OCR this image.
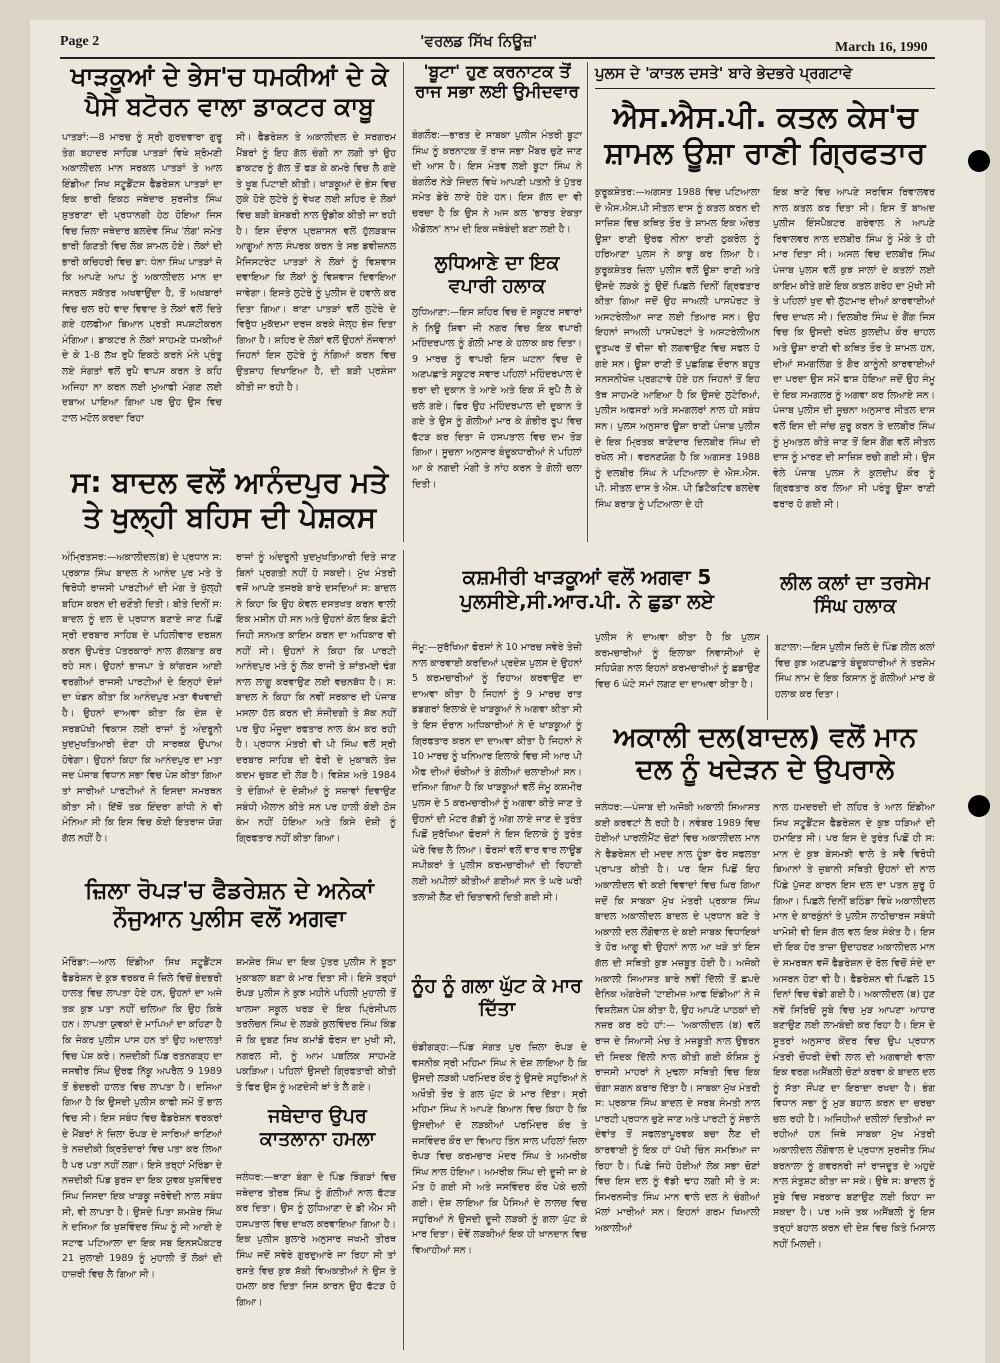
Page 2	'ਵਰਲਡ ਸਿੱਖ ਨਿਊਜ਼'	March 16, 1990
ਖਾੜਕੂਆਂ ਦੇ ਭੇਸ'ਚ ਧਮਕੀਆਂ ਦੇ ਕੇ ਪੈਸੇ ਬਟੋਰਨ ਵਾਲਾ ਡਾਕਟਰ ਕਾਬੂ
ਪਾਤੜਾਂ:—8 ਮਾਰਚ ਨੂੰ ਸ੍ਰੀ ਗੁਰਦਵਾਰਾ ਗੁਰੂ ਤੇਗ ਬਹਾਦਰ ਸਾਹਿਬ ਪਾਤੜਾਂ ਵਿਖੇ ਸ਼੍ਰੋਮਣੀ ਅਕਾਲੀਦਲ ਮਾਨ ਸਰਕਲ ਪਾਤੜਾਂ ਤੇ ਆਲ ਇੰਡੀਆ ਸਿਖ ਸਟੂਡੈਂਟਸ ਫੈਡਰੇਸ਼ਨ ਪਾਤੜਾਂ ਦਾ ਇਕ ਭਾਰੀ ਇਕਠ ਜਥੇਦਾਰ ਸੁਰਜੀਤ ਸਿੰਘ ਸ਼ੁਤਰਾਣਾ ਦੀ ਪ੍ਰਧਾਨਗੀ ਹੇਠ ਹੋਇਆ ਜਿਸ ਵਿਚ ਜ਼ਿਲਾ ਜਥੇਦਾਰ ਬਲਦੇਵ ਸਿੰਘ 'ਲੰਗ' ਸਮੇਤ ਭਾਰੀ ਗਿਣਤੀ ਵਿਚ ਲੋਕ ਸ਼ਾਮਲ ਹੋਏ। ਲੋਕਾਂ ਦੀ ਭਾਰੀ ਕਚਿਹਰੀ ਵਿਚ ਡਾ: ਧੰਨਾ ਸਿੰਘ ਪਾਤੜਾਂ ਜੋ ਕਿ ਆਪਣੇ ਆਪ ਨੂੰ ਅਕਾਲੀਦਲ ਮਾਨ ਦਾ ਜਨਰਲ ਸਕੱਤਰ ਅਖਵਾਉਂਦਾ ਹੈ, ਤੋਂ ਅਖਬਾਰਾਂ ਵਿਚ ਚਲ ਰਹੇ ਵਾਦ ਵਿਵਾਦ ਤੇ ਲੋਕਾਂ ਵਲੋਂ ਦਿਤੇ ਗਏ ਹਲਫੀਆ ਬਿਆਨ ਪ੍ਰਤੀ ਸਪਸ਼ਟੀਕਰਨ ਮੰਗਿਆ। ਡਾਕਟਰ ਨੇ ਲੋਕਾਂ ਸਾਹਮਣੇ ਧਮਕੀਆਂ ਦੇ ਕੇ 1-8 ਲੱਖ ਰੁਪੈ ਇਕਠੇ ਕਰਨੇ ਮੰਨੇ ਪ੍ਰੰਤੂ ਲਏ ਸੰਗਤਾਂ ਵਲੋਂ ਰੁਪੈ ਵਾਪਸ ਕਰਨ ਤੇ ਕਹਿ ਅਜਿਹਾ ਨਾ ਕਰਨ ਲਈ ਮੁਆਫੀ ਮੰਗਣ ਲਈ ਦਬਾਅ ਪਾਇਆ ਗਿਆ ਪਰ ਉਹ ਉਸ ਵਿਚ ਟਾਲ ਮਟੋਲ ਕਰਦਾ ਰਿਹਾ
ਸੀ। ਫੈਡਰੇਸ਼ਨ ਤੇ ਅਕਾਲੀਦਲ ਦੇ ਸਰਗਰਮ ਮੈਂਬਰਾਂ ਨੂੰ ਇਹ ਗੱਲ ਚੰਗੀ ਨਾ ਲਗੀ ਤਾਂ ਉਹ ਡਾਕਟਰ ਨੂੰ ਗੱਲ ਤੋਂ ਫੜ ਕੇ ਕਮਰੇ ਵਿਚ ਲੈ ਗਏ ਤੇ ਖੂਬ ਪਿਟਾਈ ਕੀਤੀ। ਖਾੜਕੂਆਂ ਦੇ ਭੇਸ ਵਿਚ ਲੁਕੇ ਹੋਏ ਲੁਟੇਰੇ ਨੂੰ ਵੇਖਣ ਲਈ ਸ਼ਹਿਰ ਦੇ ਲੋਕਾਂ ਵਿਚ ਬੜੀ ਬੇਸਬਰੀ ਨਾਲ ਉਡੀਕ ਕੀਤੀ ਜਾ ਰਹੀ ਹੈ। ਇਸ ਦੌਰਾਨ ਪ੍ਰਸ਼ਾਸਨ ਵਲੋਂ ਹੁੱਲੜਬਾਜ ਆਗੂਆਂ ਨਾਲ ਸੰਪਰਕ ਕਰਨ ਤੇ ਸਭ ਡਵੀਜ਼ਨਲ ਮੈਜਿਸਟਰੇਟ ਪਾਤੜਾਂ ਨੇ ਲੋਕਾਂ ਨੂੰ ਵਿਸ਼ਵਾਸ ਦਵਾਇਆ ਕਿ ਲੋਕਾਂ ਨੂੰ ਵਿਸ਼ਵਾਸ ਦਿਵਾਇਆ ਜਾਵੇਗਾ। ਇਸਤੇ ਲੁਟੇਰੇ ਨੂੰ ਪੁਲੀਸ ਦੇ ਹਵਾਲੇ ਕਰ ਦਿਤਾ ਗਿਆ। ਥਾਣਾ ਪਾਤੜਾਂ ਵਲੋਂ ਲੁਟੇਰੇ ਦੇ ਵਿਰੁੱਧ ਮੁਕੱਦਮਾ ਦਰਜ ਕਰਕੇ ਜੇਲ੍ਹ ਭੇਜ ਦਿਤਾ ਗਿਆ ਹੈ। ਸ਼ਹਿਰ ਦੇ ਲੋਕਾਂ ਵਲੋਂ ਉਹਨਾਂ ਨੌਜਵਾਨਾਂ ਜਿਹਨਾਂ ਇਸ ਲੁਟੇਰੇ ਨੂੰ ਨੰਗਿਆਂ ਕਰਨ ਵਿਚ ਉਤਸ਼ਾਹ ਦਿਖਾਇਆ ਹੈ, ਦੀ ਬੜੀ ਪ੍ਰਸ਼ੰਸਾ ਕੀਤੀ ਜਾ ਰਹੀ ਹੈ।
'ਬੂਟਾ' ਹੁਣ ਕਰਨਾਟਕ ਤੋਂ ਰਾਜ ਸਭਾ ਲਈ ਉਮੀਦਵਾਰ
ਬੰਗਲੌਰ:—ਭਾਰਤ ਦੇ ਸਾਬਕਾ ਪੁਲੀਸ ਮੰਤਰੀ ਬੂਟਾ ਸਿੰਘ ਨੂੰ ਕਰਨਾਟਕ ਤੋਂ ਰਾਜ ਸਭਾ ਮੈਂਬਰ ਚੁਣੇ ਜਾਣ ਦੀ ਆਸ ਹੈ। ਇਸ ਮੰਤਵ ਲਈ ਬੂਟਾ ਸਿੰਘ ਨੇ ਬੰਗਲੌਰ ਨੇੜੇ ਜਿੰਦਲ ਵਿਖੇ ਆਪਣੀ ਪਤਨੀ ਤੇ ਪੁੱਤਰ ਸਮੇਤ ਡੇਰੇ ਲਾਏ ਹੋਏ ਹਨ। ਇਸ ਗੱਲ ਦਾ ਵੀ ਚਰਚਾ ਹੈ ਕਿ ਉਸ ਨੇ ਅਜ ਕਲ 'ਭਾਰਤ ਏਕਤਾ ਐਡੋਲਨ' ਨਾਮ ਦੀ ਇਕ ਜਥੇਬੰਦੀ ਬਣਾ ਲਈ ਹੈ।
ਲੁਧਿਆਣੇ ਦਾ ਇਕ ਵਪਾਰੀ ਹਲਾਕ
ਲੁਧਿਆਣਾ:—ਇਸ ਸ਼ਹਿਰ ਵਿਚ ਦੋ ਸਕੂਟਰ ਸਵਾਰਾਂ ਨੇ ਨਿਊ ਸ਼ਿਵਾ ਜੀ ਨਗਰ ਵਿਚ ਇਕ ਵਪਾਰੀ ਮਹਿੰਦਰਪਾਲ ਨੂੰ ਗੋਲੀ ਮਾਰ ਕੇ ਹਲਾਕ ਕਰ ਦਿਤਾ। 9 ਮਾਰਚ ਨੂੰ ਵਾਪਰੀ ਇਸ ਘਟਨਾ ਵਿਚ ਦੋ ਅਣਪਛਾਤੇ ਸਕੂਟਰ ਸਵਾਰ ਪਹਿਲਾਂ ਮਹਿੰਦਰਪਾਲ ਦੇ ਭਰਾ ਦੀ ਦੁਕਾਨ ਤੇ ਆਏ ਅਤੇ ਇਕ ਸੌ ਰੁਪੈ ਲੈ ਕੇ ਚਲੇ ਗਏ। ਫਿਰ ਉਹ ਮਹਿੰਦਰਪਾਲ ਦੀ ਦੁਕਾਨ ਤੇ ਗਏ ਤੇ ਉਸ ਨੂੰ ਗੋਲੀਆਂ ਮਾਰ ਕੇ ਗੰਭੀਰ ਰੂਪ ਵਿਚ ਫੱਟੜ ਕਰ ਦਿਤਾ ਜੋ ਹਸਪਤਾਲ ਵਿਚ ਦਮ ਤੋੜ ਗਿਆ। ਸੂਚਨਾ ਅਨੁਸਾਰ ਬੰਦੂਕਧਾਰੀਆਂ ਨੇ ਪਹਿਲਾਂ ਆ ਕੇ ਨਗਦੀ ਮੰਗੀ ਤੇ ਨਾਂਹ ਕਰਨ ਤੇ ਗੋਲੀ ਚਲਾ ਦਿਤੀ।
ਪੁਲਸ ਦੇ 'ਕਾਤਲ ਦਸਤੇ' ਬਾਰੇ ਭੇਦਭਰੇ ਪ੍ਰਗਟਾਵੇ
ਐਸ.ਐਸ.ਪੀ. ਕਤਲ ਕੇਸ'ਚ ਸ਼ਾਮਲ ਊਸ਼ਾ ਰਾਣੀ ਗ੍ਰਿਫਤਾਰ
ਕੁਰੂਕਸ਼ੇਤਰ:—ਅਗਸਤ 1988 ਵਿਚ ਪਟਿਆਲਾ ਦੇ ਐਸ.ਐਸ.ਪੀ ਸੀਤਲ ਦਾਸ ਨੂੰ ਕਤਲ ਕਰਨ ਦੀ ਸਾਜ਼ਿਸ਼ ਵਿਚ ਕਥਿਤ ਤੌਰ ਤੇ ਸ਼ਾਮਲ ਇਕ ਔਰਤ ਊਸ਼ਾ ਰਾਣੀ ਉਰਫ ਨੀਨਾ ਰਾਣੀ ਠੁਕਰੋਲ ਨੂੰ ਹਰਿਆਣਾ ਪੁਲਸ ਨੇ ਕਾਬੂ ਕਰ ਲਿਆ ਹੈ। ਕੁਰੂਕਸ਼ੇਤਰ ਜ਼ਿਲਾ ਪੁਲੀਸ ਵਲੋਂ ਊਸ਼ਾ ਰਾਣੀ ਅਤੇ ਉਸਦੇ ਲੜਕੇ ਨੂੰ ਉਦੋਂ ਪਿਛਲੇ ਦਿਨੀਂ ਗ੍ਰਿਫਤਾਰ ਕੀਤਾ ਗਿਆ ਜਦੋਂ ਉਹ ਜਾਅਲੀ ਪਾਸਪੋਰਟ ਤੇ ਅਸਟਰੇਲੀਆ ਜਾਣ ਲਈ ਤਿਆਰ ਸਨ। ਉਹ ਇਹਨਾਂ ਜਾਅਲੀ ਪਾਸਪੋਰਟਾਂ ਤੇ ਅਸਟਰੇਲੀਅਨ ਦੂਤਘਰ ਤੋਂ ਵੀਜ਼ਾ ਵੀ ਲਗਵਾਉਣ ਵਿਚ ਸਫਲ ਹੋ ਗਏ ਸਨ। ਊਸ਼ਾ ਰਾਣੀ ਤੋਂ ਪੁਛਗਿਛ ਦੌਰਾਨ ਬਹੁਤ ਸਨਸਨੀਖੇਜ਼ ਪ੍ਰਗਟਾਵੇ ਹੋਏ ਹਨ ਜਿਹਨਾਂ ਤੋਂ ਇਹ ਤੱਥ ਸਾਹਮਣੇ ਆਇਆ ਹੈ ਕਿ ਉਸਦੇ ਲੁਟੇਰਿਆਂ, ਪੁਲੀਸ ਅਫਸਰਾਂ ਅਤੇ ਸਮਗਲਰਾਂ ਨਾਲ ਹੀ ਸਬੰਧ ਸਨ। ਪੁਲਸ ਅਨੁਸਾਰ ਊਸ਼ਾ ਰਾਣੀ ਪੰਜਾਬ ਪੁਲੀਸ ਦੇ ਇਕ ਮ੍ਰਿਤਕ ਥਾਣੇਦਾਰ ਦਿਲਬੀਰ ਸਿੰਘ ਦੀ ਰਖੇਲ ਸੀ। ਵਰਨਣਯੋਗ ਹੈ ਕਿ ਅਗਸਤ 1988 ਨੂੰ ਦਲਬੀਰ ਸਿੰਘ ਨੇ ਪਟਿਆਲਾ ਦੇ ਐਸ.ਐਸ. ਪੀ. ਸੀਤਲ ਦਾਸ ਤੇ ਐਸ. ਪੀ ਡਿਟੈਕਟਿਵ ਬਲਦੇਵ ਸਿੰਘ ਬਰਾੜ ਨੂੰ ਪਟਿਆਲਾ ਦੇ ਹੀ
ਇਕ ਥਾਣੇ ਵਿਚ ਆਪਣੇ ਸਰਵਿਸ ਰਿਵਾਲਵਰ ਨਾਲ ਕਤਲ ਕਰ ਦਿਤਾ ਸੀ। ਇਸ ਤੋਂ ਬਾਅਦ ਪੁਲੀਸ ਇੰਸਪੈਕਟਰ ਗਰੇਵਾਲ ਨੇ ਆਪਣੇ ਰਿਵਾਲਵਰ ਨਾਲ ਦਲਬੀਰ ਸਿੰਘ ਨੂੰ ਮੌਕੇ ਤੇ ਹੀ ਮਾਰ ਦਿਤਾ ਸੀ। ਅਸਲ ਵਿਚ ਦਲਬੀਰ ਸਿੰਘ ਪੰਜਾਬ ਪੁਲਸ ਵਲੋਂ ਕੁਝ ਸਾਲਾਂ ਦੇ ਕਤਲਾਂ ਲਈ ਕਾਇਮ ਕੀਤੇ ਗਏ ਇਕ ਕਤਲ ਗਰੋਹ ਦਾ ਮੁੱਖੀ ਸੀ ਤੇ ਪਹਿਲਾਂ ਖੁਦ ਵੀ ਲੁੱਟਮਾਰ ਦੀਆਂ ਕਾਰਵਾਈਆਂ ਵਿਚ ਦਾਖਲ ਸੀ। ਦਿਲਬੀਰ ਸਿੰਘ ਦੇ ਗੈਂਗ ਜਿਸ ਵਿਚ ਕਿ ਉਸਦੀ ਰਖੇਲ ਕੁਲਦੀਪ ਕੌਰ ਚਾਹਲ ਅਤੇ ਊਸ਼ਾ ਰਾਣੀ ਵੀ ਕਥਿਤ ਤੌਰ ਤੇ ਸ਼ਾਮਲ ਹਨ, ਦੀਆਂ ਸਮਗਲਿੰਗ ਤੇ ਗੈਰ ਕਾਨੂੰਨੀ ਕਾਰਵਾਈਆਂ ਦਾ ਪਰਦਾ ਉਸ ਸਮੇਂ ਫਾਸ਼ ਹੋਇਆ ਜਦੋਂ ਉਹ ਜੰਮੂ ਦੇ ਇਕ ਸਮਗਲਰ ਨੂੰ ਅਗਵਾ ਕਰ ਲਿਆਏ ਸਨ। ਪੰਜਾਬ ਪੁਲੀਸ ਦੀ ਸੂਚਨਾ ਅਨੁਸਾਰ ਸੀਤਲ ਦਾਸ ਵਲੋਂ ਇਸ ਦੀ ਜਾਂਚ ਸ਼ੁਰੂ ਕਰਨ ਤੇ ਦਲਬੀਰ ਸਿੰਘ ਨੂੰ ਮੁਅਤਲ ਕੀਤੇ ਜਾਣ ਤੋਂ ਇਸ ਗੈਂਗ ਵਲੋਂ ਸੀਤਲ ਦਾਸ ਨੂੰ ਮਾਰਣ ਦੀ ਸਾਜ਼ਿਸ਼ ਰਚੀ ਗਈ ਸੀ। ਉਸ ਵੇਲੇ ਪੰਜਾਬ ਪੁਲਸ ਨੇ ਕੁਲਦੀਪ ਕੌਰ ਨੂੰ ਗ੍ਰਿਫਤਾਰ ਕਰ ਲਿਆ ਸੀ ਪਰੰਤੂ ਊਸ਼ਾ ਰਾਣੀ ਫਰਾਰ ਹੋ ਗਈ ਸੀ।
ਸ: ਬਾਦਲ ਵਲੋਂ ਆਨੰਦਪੁਰ ਮਤੇ ਤੇ ਖੁਲ੍ਹੀ ਬਹਿਸ ਦੀ ਪੇਸ਼ਕਸ
ਅੰਮ੍ਰਿਤਸਰ:—ਅਕਾਲੀਦਲ(ਬ) ਦੇ ਪ੍ਰਧਾਨ ਸ: ਪ੍ਰਕਾਸ਼ ਸਿੰਘ ਬਾਦਲ ਨੇ ਆਨੰਦ ਪੁਰ ਮਤੇ ਤੇ ਵਿਰੋਧੀ ਰਾਜਸੀ ਪਾਰਟੀਆਂ ਦੀ ਮੰਗ ਤੇ ਖੁੱਲ੍ਹੀ ਬਹਿਸ ਕਰਨ ਦੀ ਚਣੌਤੀ ਦਿਤੀ। ਬੀਤੇ ਦਿਨੀਂ ਸ: ਬਾਦਲ ਨੂੰ ਦਲ ਦੇ ਪ੍ਰਧਾਨ ਬਣਾਏ ਜਾਣ ਪਿਛੋਂ ਸ੍ਰੀ ਦਰਬਾਰ ਸਾਹਿਬ ਦੇ ਪਹਿਲੀਵਾਰ ਦਰਸ਼ਨ ਕਰਨ ਉਪਰੰਤ ਪੱਤਰਕਾਰਾਂ ਨਾਲ ਗੱਲਬਾਤ ਕਰ ਰਹੇ ਸਨ। ਉਹਨਾਂ ਭਾਜਪਾ ਤੇ ਕਾਂਗਰਸ ਆਈ ਵਰਗੀਆਂ ਰਾਜਸੀ ਪਾਰਟੀਆਂ ਦੇ ਇਨ੍ਹਾਂ ਦੋਸ਼ਾਂ ਦਾ ਖੰਡਨ ਕੀਤਾ ਕਿ ਆਨੰਦਪੁਰ ਮਤਾ ਵੱਖਵਾਦੀ ਹੈ। ਉਹਨਾਂ ਦਾਅਵਾ ਕੀਤਾ ਕਿ ਦੇਸ਼ ਦੇ ਸਰਬਪੱਖੀ ਵਿਕਾਸ ਲਈ ਰਾਜਾਂ ਨੂੰ ਅੰਦਰੂਨੀ ਖੁਦਮੁਖਤਿਆਰੀ ਦੇਣਾ ਹੀ ਸਾਰਥਕ ਉਪਾਅ ਹੋਵੇਗਾ। ਉਹਨਾਂ ਕਿਹਾ ਕਿ ਆਨੰਦਪੁਰ ਦਾ ਮਤਾ ਜਦ ਪੰਜਾਬ ਵਿਧਾਨ ਸਭਾ ਵਿਚ ਪੇਸ਼ ਕੀਤਾ ਗਿਆ ਤਾਂ ਸਾਰੀਆਂ ਪਾਰਟੀਆਂ ਨੇ ਇਸਦਾ ਸਮਰਥਨ ਕੀਤਾ ਸੀ। ਇੱਥੋਂ ਤਕ ਇੰਦਰਾ ਗਾਂਧੀ ਨੇ ਵੀ ਮੰਨਿਆ ਸੀ ਕਿ ਇਸ ਵਿਚ ਕੋਈ ਇਤਰਾਜ ਯੋਗ ਗੱਲ ਨਹੀਂ ਹੈ।
ਰਾਜਾਂ ਨੂੰ ਅੰਦਰੂਨੀ ਖੁਦਮੁਖਤਿਆਰੀ ਦਿਤੇ ਜਾਣ ਬਿਨਾਂ ਪ੍ਰਗਤੀ ਨਹੀਂ ਹੋ ਸਕਦੀ। ਮੁੱਖ ਮੰਤਰੀ ਵਜੋਂ ਆਪਣੇ ਤਜਰਬੇ ਬਾਰੇ ਦਸਦਿਆਂ ਸ: ਬਾਦਲ ਨੇ ਕਿਹਾ ਕਿ ਉਹ ਕੇਵਲ ਦਸਤਖਤ ਕਰਨ ਵਾਲੀ ਇਕ ਮਸ਼ੀਨ ਹੀ ਸਨ ਅਤੇ ਉਹਨਾਂ ਕੋਲ ਇਕ ਛੋਟੀ ਜਿਹੀ ਸਨਅਤ ਕਾਇਮ ਕਰਨ ਦਾ ਅਧਿਕਾਰ ਵੀ ਨਹੀਂ ਸੀ। ਉਹਨਾਂ ਨੇ ਕਿਹਾ ਕਿ ਪਾਰਟੀ ਆਨੰਦਪੁਰ ਮਤੇ ਨੂੰ ਲੋਕ ਰਾਜੀ ਤੇ ਸ਼ਾਂਤਮਈ ਢੰਗ ਨਾਲ ਲਾਗੂ ਕਰਵਾਉਣ ਲਈ ਵਚਨਬੱਧ ਹੈ। ਸ: ਬਾਦਲ ਨੇ ਕਿਹਾ ਕਿ ਨਵੀਂ ਸਰਕਾਰ ਦੀ ਪੰਜਾਬ ਮਸਲਾ ਹੱਲ ਕਰਨ ਦੀ ਸੰਜੀਦਗੀ ਤੇ ਸ਼ੱਕ ਨਹੀਂ ਪਰ ਉਹ ਮੌਜੂਦਾ ਰਫਤਾਰ ਨਾਲ ਕੰਮ ਕਰ ਰਹੀ ਹੈ। ਪ੍ਰਧਾਨ ਮੰਤਰੀ ਵੀ ਪੀ ਸਿੰਘ ਵਲੋਂ ਸ੍ਰੀ ਦਰਬਾਰ ਸਾਹਿਬ ਦੀ ਫੇਰੀ ਦੇ ਮੁਕਾਬਲੇ ਤੇਜ਼ ਕਦਮ ਚੁਕਣ ਦੀ ਲੋੜ ਹੈ। ਵਿਸ਼ੇਸ਼ ਅਤੇ 1984 ਤੇ ਦੰਗਿਆਂ ਦੇ ਦੋਸ਼ੀਆਂ ਨੂੰ ਸਜ਼ਾਵਾਂ ਦਿਵਾਉਣ ਸਬੰਧੀ ਐਲਾਨ ਕੀਤੇ ਸਨ ਪਰ ਹਾਲੀ ਕੋਈ ਠੋਸ ਕੰਮ ਨਹੀਂ ਹੋਇਆ ਅਤੇ ਕਿਸੇ ਦੋਸ਼ੀ ਨੂੰ ਗ੍ਰਿਫਤਾਰ ਨਹੀਂ ਕੀਤਾ ਗਿਆ।
ਕਸ਼ਮੀਰੀ ਖਾੜਕੂਆਂ ਵਲੋਂ ਅਗਵਾ 5 ਪੁਲਸੀਏ,ਸੀ.ਆਰ.ਪੀ. ਨੇ ਛੁਡਾ ਲਏ
ਜੰਮੂ:—ਸੁਰੱਖਿਆ ਫੋਰਸਾਂ ਨੇ 10 ਮਾਰਚ ਸਵੇਰੇ ਤੇਜ਼ੀ ਨਾਲ ਕਾਰਵਾਈ ਕਰਦਿਆਂ ਪ੍ਰਦੇਸ਼ ਪੁਲਸ ਦੇ ਉਹਨਾਂ 5 ਕਰਮਚਾਰੀਆਂ ਨੂੰ ਰਿਹਾਅ ਕਰਵਾਉਣ ਦਾ ਦਾਅਵਾ ਕੀਤਾ ਹੈ ਜਿਹਨਾਂ ਨੂੰ 9 ਮਾਰਚ ਰਾਤ ਡਡਗਰਾਂ ਇਲਾਕੇ ਦੇ ਖਾੜਕੂਆਂ ਨੇ ਅਗਵਾ ਕੀਤਾ ਸੀ ਤੇ ਇਸ ਦੌਰਾਨ ਅਧਿਕਾਰੀਆਂ ਨੇ ਦੋ ਖਾੜਕੂਆਂ ਨੂੰ ਗ੍ਰਿਫਤਾਰ ਕਰਨ ਦਾ ਦਾਅਵਾ ਕੀਤਾ ਹੈ ਜਿਹਨਾਂ ਨੇ 10 ਮਾਰਚ ਨੂੰ ਖਨਿਆਰ ਇਲਾਕੇ ਵਿਚ ਸੀ ਆਰ ਪੀ ਐਫ ਦੀਆਂ ਚੌਕੀਆਂ ਤੇ ਗੋਲੀਆਂ ਚਲਾਈਆਂ ਸਨ। ਦਸਿਆ ਗਿਆ ਹੈ ਕਿ ਖਾੜਕੂਆਂ ਵਲੋਂ ਜੰਮੂ ਕਸ਼ਮੀਰ ਪੁਲਸ ਦੇ 5 ਕਰਮਚਾਰੀਆਂ ਨੂੰ ਅਗਵਾ ਕੀਤੇ ਜਾਣ ਤੇ ਉਹਨਾਂ ਦੀ ਮੋਟਰ ਗੱਡੀ ਨੂੰ ਅੱਗ ਲਾਏ ਜਾਣ ਦੇ ਤੁਰੰਤ ਪਿਛੋਂ ਸੁਰੱਖਿਆ ਫੋਰਸਾਂ ਨੇ ਇਸ ਇਲਾਕੇ ਨੂੰ ਤੁਰੰਤ ਘੇਰੇ ਵਿਚ ਲੈ ਲਿਆ। ਫੋਰਸਾਂ ਵਲੋਂ ਵਾਰ ਵਾਰ ਲਾਊਡ ਸਪੀਕਰਾਂ ਤੇ ਪੁਲੀਸ ਕਰਮਚਾਰੀਆਂ ਦੀ ਰਿਹਾਈ ਲਈ ਅਪੀਲਾਂ ਕੀਤੀਆਂ ਗਈਆਂ ਸਨ ਤੇ ਘਰੇ ਘਰੀ ਤਲਾਸ਼ੀ ਲੈਣ ਦੀ ਚਿਤਾਵਨੀ ਦਿਤੀ ਗਈ ਸੀ।
ਪੁਲੀਸ ਨੇ ਦਾਅਵਾ ਕੀਤਾ ਹੈ ਕਿ ਪੁਲਸ ਕਰਮਚਾਰੀਆਂ ਨੂੰ ਇਲਾਕਾ ਨਿਵਾਸੀਆਂ ਦੇ ਸਹਿਯੋਗ ਨਾਲ ਇਹਨਾਂ ਕਰਮਚਾਰੀਆਂ ਨੂੰ ਛਡਾਉਣ ਵਿਚ 6 ਘੰਟੇ ਸਮਾਂ ਲਗਣ ਦਾ ਦਾਅਵਾ ਕੀਤਾ ਹੈ।
ਲੀਲ ਕਲਾਂ ਦਾ ਤਰਸੇਮ ਸਿੰਘ ਹਲਾਕ
ਬਟਾਲਾ:—ਇਸ ਪੁਲੀਸ ਜ਼ਿਲੇ ਦੇ ਪਿੰਡ ਲੀਲ ਕਲਾਂ ਵਿਚ ਕੁਝ ਅਣਪਛਾਤੇ ਬੰਦੂਕਧਾਰੀਆਂ ਨੇ ਤਰਸੇਮ ਸਿੰਘ ਨਾਮ ਦੇ ਇਕ ਕਿਸਾਨ ਨੂੰ ਗੋਲੀਆਂ ਮਾਰ ਕੇ ਹਲਾਕ ਕਰ ਦਿਤਾ।
ਅਕਾਲੀ ਦਲ(ਬਾਦਲ) ਵਲੋਂ ਮਾਨ ਦਲ ਨੂੰ ਖਦੇੜਨ ਦੇ ਉਪਰਾਲੇ
ਜਲੰਧਰ:—ਪੰਜਾਬ ਦੀ ਅਜੋਕੀ ਅਕਾਲੀ ਸਿਆਸਤ ਕਈ ਕਰਵਟਾਂ ਲੈ ਰਹੀ ਹੈ। ਨਵੰਬਰ 1989 ਵਿਚ ਹੋਈਆਂ ਪਾਰਲੀਮੈਂਟ ਚੋਣਾਂ ਵਿਚ ਅਕਾਲੀਦਲ ਮਾਨ ਨੇ ਫੈਡਰੇਸ਼ਨ ਦੀ ਮਦਦ ਨਾਲ ਹੂੰਝਾ ਫੇਰ ਸਫਲਤਾ ਪ੍ਰਾਪਤ ਕੀਤੀ ਹੈ। ਪਰ ਇਸ ਪਿਛੋਂ ਇਹ ਅਕਾਲੀਦਲ ਵੀ ਕਈ ਵਿਵਾਦਾਂ ਵਿਚ ਘਿਰ ਗਿਆ ਜਦੋਂ ਕਿ ਸਾਬਕਾ ਮੁੱਖ ਮੰਤਰੀ ਪ੍ਰਕਾਸ਼ ਸਿੰਘ ਬਾਦਲ ਅਕਾਲੀਦਲ ਬਾਦਲ ਦੇ ਪ੍ਰਧਾਨ ਬਣੇ ਤੇ ਅਕਾਲੀ ਦਲ ਲੌਂਗੋਵਾਲ ਦੇ ਕਈ ਸਾਬਕ ਵਿਧਾਇਕਾਂ ਤੇ ਹੋਰ ਆਗੂ ਵੀ ਉਹਨਾਂ ਨਾਲ ਆ ਖੜੇ ਤਾਂ ਇਸ ਗੱਲ ਦੀ ਸਥਿਤੀ ਕੁਝ ਮਜ਼ਬੂਤ ਹੋਈ ਹੈ। ਅਜੋਕੀ ਅਕਾਲੀ ਸਿਆਸਤ ਬਾਰੇ ਨਵੀਂ ਦਿੱਲੀ ਤੋਂ ਛਪਦੇ ਦੈਨਿਕ ਅੰਗਰੇਜ਼ੀ 'ਟਾਈਮਜ਼ ਆਫ ਇੰਡੀਆ' ਨੇ ਜੋ ਵਿਸ਼ਲੇਸ਼ਨ ਪੇਸ਼ ਕੀਤਾ ਹੈ, ਉਹ ਆਪਣੇ ਪਾਠਕਾਂ ਦੀ ਨਜ਼ਰ ਕਰ ਰਹੇ ਹਾਂ:— 'ਅਕਾਲੀਦਲ (ਬ) ਵਲੋਂ ਰਾਜ ਦੇ ਸਿਆਸੀ ਮੰਚ ਤੇ ਮਜ਼ਬੂਤੀ ਨਾਲ ਉਭਰਨ ਦੀ ਸਿਦਕ ਦਿੱਲੀ ਨਾਲ ਕੀਤੀ ਗਈ ਕੋਸ਼ਿਸ਼ ਨੂੰ ਰਾਜਸੀ ਮਾਹਰਾਂ ਨੇ ਮੁਢਲਾ ਸਥਿਤੀ ਵਿਚ ਇਕ ਚੰਗਾ ਸ਼ਗਨ ਕਰਾਰ ਦਿੱਤਾ ਹੈ। ਸਾਬਕਾ ਮੁੱਖ ਮੰਤਰੀ ਸ: ਪ੍ਰਕਾਸ਼ ਸਿੰਘ ਬਾਦਲ ਦੇ ਸਰਬ ਸੰਮਤੀ ਨਾਲ ਪਾਰਟੀ ਪ੍ਰਧਾਨ ਚੁਣੇ ਜਾਣ ਅਤੇ ਪਾਰਟੀ ਨੂੰ ਸੰਭਾਲੇ ਦੇਵਾਂਤ ਤੋਂ ਸਫਲਤਾਪੂਰਵਕ ਬਚਾ ਲੈਣ ਦੀ ਕਾਰਵਾਈ ਨੂੰ ਇਕ ਹਾਂ ਪੱਖੀ ਚਿੰਨ ਸਮਝਿਆ ਜਾ ਰਿਹਾ ਹੈ। ਪਿਛੇ ਜਿਹੇ ਹੋਈਆਂ ਲੋਕ ਸਭਾ ਚੋਣਾਂ ਵਿਚ ਇਸ ਦਲ ਨੂੰ ਵੱਡੀ ਢਾਹ ਲਗੀ ਸੀ ਤੇ ਸ: ਸਿਮਰਨਜੀਤ ਸਿੰਘ ਮਾਨ ਵਾਲੇ ਦਲ ਨੇ ਚੰਗੀਆਂ ਮੱਲਾਂ ਮਾਰੀਆਂ ਸਨ। ਇਹਨਾਂ ਗਰਮ ਖਿਆਲੀ ਅਕਾਲੀਆਂ
ਨਾਲ ਹਮਦਰਦੀ ਦੀ ਲਹਿਰ ਤੇ ਆਲ ਇੰਡੀਆ ਸਿਖ ਸਟੂਡੈਂਟਸ ਫੈਡਰੇਸ਼ਨ ਦੇ ਕੁਝ ਧੜਿਆਂ ਦੀ ਹਮਾਇਤ ਸੀ। ਪਰ ਇਸ ਦੇ ਤੁਰੰਤ ਪਿਛੋਂ ਹੀ ਸ: ਮਾਨ ਦੇ ਕੁਝ ਬੇਸਮਝੀ ਵਾਲੇ ਤੇ ਸਵੈ ਵਿਰੋਧੀ ਬਿਆਨਾਂ ਤੇ ਜ਼ੁਬਾਨੀ ਸਥਿਤੀ ਉਹਨਾਂ ਦੀ ਨਾਲ ਪਿੱਛੇ ਪੁੱਜਣ ਕਾਰਨ ਇਸ ਦਲ ਦਾ ਪਤਨ ਸ਼ੁਰੂ ਹੋ ਗਿਆ। ਪਿਛਲੇ ਦਿਨੀਂ ਬਠਿੰਡਾ ਵਿਖੇ ਅਕਾਲੀਦਲ ਮਾਨ ਦੇ ਕਾਰਕੁੰਨਾਂ ਤੇ ਪੁਲੀਸ ਲਾਠੀਚਾਰਜ ਸਬੰਧੀ ਖਾਮੋਸ਼ੀ ਵੀ ਇਸ ਗੱਲ ਵਲ ਇਕ ਸੰਕੇਤ ਹੈ। ਇਸ ਦੀ ਇਕ ਹੋਰ ਤਾਜ਼ਾ ਉਦਾਹਰਣ ਅਕਾਲੀਦਲ ਮਾਨ ਦੇ ਸਮਰਥਨ ਵਜੋਂ ਫੈਡਰੇਸ਼ਨ ਦੇ ਰੋਲ ਵਿਚੋਂ ਸੰਦੇ ਦਾ ਅਸਰਨ ਹੋਣਾ ਵੀ ਹੈ। ਫੈਡਰੇਸ਼ਨ ਵੀ ਪਿਛਲੇ 15 ਦਿਨਾਂ ਵਿਚ ਵੰਡੀ ਗਈ ਹੈ। ਅਕਾਲੀਦਲ (ਬ) ਹੁਣ ਨਵੇਂ ਸਿਰਿਓਂ ਸੂਬੇ ਵਿਚ ਮੁੜ ਆਪਣਾ ਆਧਾਰ ਬਣਾਉਣ ਲਈ ਲਾਮਬੰਦੀ ਕਰ ਰਿਹਾ ਹੈ। ਇਸ ਦੇ ਸੂਤਰਾਂ ਅਨੁਸਾਰ ਕੇਂਦਰ ਵਿਚ ਉਪ ਪ੍ਰਧਾਨ ਮੰਤਰੀ ਚੌਧਰੀ ਦੇਵੀ ਲਾਲ ਦੀ ਅਗਵਾਈ ਵਾਲਾ ਇਕ ਵਰਗ ਅਸੈਂਬਲੀ ਚੋਣਾਂ ਕਰਵਾ ਕੇ ਬਾਦਲ ਦਲ ਨੂੰ ਸੱਤਾ ਸੌਂਪਣ ਦਾ ਇਰਾਦਾ ਰਖਦਾ ਹੈ। ਭੰਗ ਵਿਧਾਨ ਸਭਾ ਨੂੰ ਮੁੜ ਬਹਾਲ ਕਰਨ ਦਾ ਚਰਚਾ ਚਲ ਰਹੀ ਹੈ। ਅਜਿਹੀਆਂ ਦਲੀਲਾਂ ਦਿਤੀਆਂ ਜਾ ਰਹੀਆਂ ਹਨ ਜਿਥੇ ਸਾਬਕਾ ਮੁੱਖ ਮੰਤਰੀ ਅਕਾਲੀਦਲ ਲੌਂਗੋਵਾਲ ਦੇ ਪ੍ਰਧਾਨ ਸੁਰਜੀਤ ਸਿੰਘ ਬਰਨਾਲਾ ਨੂੰ ਗਵਰਨਰੀ ਜਾਂ ਰਾਜਦੂਤ ਦੇ ਅਹੁਦੇ ਨਾਲ ਸੰਤੁਸ਼ਟ ਕੀਤਾ ਜਾ ਸਕੇ। ਉਥੇ ਸ: ਬਾਦਲ ਨੂੰ ਸੂਬੇ ਵਿਚ ਸਰਕਾਰ ਬਣਾਉਣ ਲਈ ਕਿਹਾ ਜਾ ਸਕਦਾ ਹੈ। ਪਰ ਅਜੇ ਤਕ ਅਸੈਂਬਲੀ ਨੂੰ ਇਸ ਤਰ੍ਹਾਂ ਬਹਾਲ ਕਰਨ ਦੀ ਦੇਸ਼ ਵਿਚ ਕਿਤੇ ਮਿਸਾਲ ਨਹੀਂ ਮਿਲਦੀ।
ਜ਼ਿਲਾ ਰੋਪੜ'ਚ ਫੈਡਰੇਸ਼ਨ ਦੇ ਅਨੇਕਾਂ ਨੌਜੁਆਨ ਪੁਲੀਸ ਵਲੋਂ ਅਗਵਾ
ਮੋਰਿੰਡਾ:—ਆਲ ਇੰਡੀਆ ਸਿਖ ਸਟੂਡੈਂਟਸ ਫੈਡਰੇਸ਼ਨ ਦੇ ਕੁਝ ਵਰਕਰ ਜੋ ਜ਼ਿਲੇ ਵਿਚੋਂ ਭੇਦਭਰੀ ਹਾਲਤ ਵਿਚ ਲਾਪਤਾ ਹੋਏ ਹਨ, ਉਹਨਾਂ ਦਾ ਅਜੇ ਤਕ ਕੁਝ ਪਤਾ ਨਹੀਂ ਚਲਿਆ ਕਿ ਉਹ ਕਿਥੇ ਹਨ। ਲਾਪਤਾ ਯੁਵਕਾਂ ਦੇ ਮਾਪਿਆਂ ਦਾ ਕਹਿਣਾ ਹੈ ਕਿ ਜੇਕਰ ਪੁਲੀਸ ਪਾਸ ਹਨ ਤਾਂ ਉਹ ਅਦਾਲਤਾਂ ਵਿਚ ਪੇਸ਼ ਕਰੇ। ਨਜ਼ਦੀਕੀ ਪਿੰਡ ਰਤਨਗੜ੍ਹ ਦਾ ਜਸਵੀਰ ਸਿੰਘ ਉਰਫ ਨਿੱਕੂ ਅਪਰੈਲ 9 1989 ਤੋਂ ਭੇਦਭਰੀ ਹਾਲਤ ਵਿਚ ਲਾਪਤਾ ਹੈ। ਦਸਿਆ ਗਿਆ ਹੈ ਕਿ ਉਸਦੀ ਪੁਲੀਸ ਕਾਫੀ ਸਮੇਂ ਤੋਂ ਭਾਲ ਵਿਚ ਸੀ। ਇਸ ਸਬੰਧ ਵਿਚ ਫੈਡਰੇਸ਼ਨ ਵਰਕਰਾਂ ਦੇ ਮੈਂਬਰਾਂ ਨੇ ਜ਼ਿਲਾ ਰੋਪੜ ਦੇ ਸਾਰਿਆਂ ਥਾਣਿਆਂ ਤੇ ਨਜ਼ਦੀਕੀ ਕ੍ਰਿਤੋਦਾਰਾਂ ਵਿਚ ਪਤਾ ਕਰ ਲਿਆ ਹੈ ਪਰ ਪਤਾ ਨਹੀਂ ਲਗਾ। ਇਸੇ ਤਰ੍ਹਾਂ ਮੋਰਿੰਡਾ ਦੇ ਨਜ਼ਦੀਕੀ ਪਿੰਡ ਬੁਰਜ ਦਾ ਇਕ ਯੁਵਕ ਖੁਸ਼ਵਿੰਦਰ ਸਿੰਘ ਜਿਸਦਾ ਇਕ ਖਾੜਕੂ ਜਰੋਵੇਦੀ ਨਾਲ ਸਬੰਧ ਸੀ, ਵੀ ਲਾਪਤਾ ਹੈ। ਉਸਦੇ ਪਿਤਾ ਸ਼ਮਸ਼ੇਰ ਸਿੰਘ ਨੇ ਦਸਿਆ ਕਿ ਖੁਸ਼ਵਿੰਦਰ ਸਿੰਘ ਨੂੰ ਸੀ ਆਈ ਏ ਸਟਾਫ ਪਟਿਆਲਾ ਦਾ ਇਕ ਸਬ ਇਨਸਪੈਕਟਰ 21 ਜੁਲਾਈ 1989 ਨੂੰ ਮੁਹਾਲੀ ਤੋਂ ਲੋਕਾਂ ਦੀ ਹਾਜ਼ਰੀ ਵਿਚ ਲੈ ਗਿਆ ਸੀ।
ਸ਼ਮਸ਼ੇਰ ਸਿੰਘ ਦਾ ਇਕ ਪੁੱਤਰ ਪੁਲੀਸ ਨੇ ਝੂਠਾ ਮੁਕਾਬਲਾ ਬਣਾ ਕੇ ਮਾਰ ਦਿਤਾ ਸੀ। ਇਸੇ ਤਰ੍ਹਾਂ ਰੋਪੜ ਪੁਲੀਸ ਨੇ ਕੁਝ ਮਹੀਨੇ ਪਹਿਲੀ ਮੁਹਾਲੀ ਤੋਂ ਖਾਲਸਾ ਸਕੂਲ ਖਰੜ ਦੇ ਇਕ ਪ੍ਰਿੰਸੀਪਲ ਤਰਲੋਚਨ ਸਿੰਘ ਦੇ ਲੜਕੇ ਕੁਲਵਿੰਦਰ ਸਿੰਘ ਕਿੰਡ ਜੋ ਕਿ ਦੁਬਣ ਸਿਖ ਕਮਾਂਡੋ ਫੋਰਸ ਦਾ ਮੁਖੀ ਸੀ, ਨਗਰਲ ਸੀ, ਨੂੰ ਆਮ ਪਬਲਿਕ ਸਾਹਮਣੇ ਪਕੜਿਆ। ਪਹਿਲਾਂ ਉਸਦੀ ਗ੍ਰਿਫਤਾਰੀ ਕੀਤੀ ਤੇ ਫਿਰ ਉਸ ਨੂੰ ਅਣਦੇਸੀ ਥਾਂ ਤੇ ਲੈ ਗਏ।
ਨੂੰਹ ਨੂੰ ਗਲਾ ਘੁੱਟ ਕੇ ਮਾਰ ਦਿੱਤਾ
ਚੰਡੀਗੜ੍ਹ:—ਪਿੰਡ ਸੰਗਤ ਪੁਰ ਜ਼ਿਲਾ ਰੋਪੜ ਦੇ ਵਸਨੀਕ ਸ੍ਰੀ ਮਹਿਮਾ ਸਿੰਘ ਨੇ ਦੋਸ਼ ਲਾਇਆ ਹੈ ਕਿ ਉਸਦੀ ਲੜਕੀ ਪਰਮਿੰਦਰ ਕੌਰ ਨੂੰ ਉਸਦੇ ਸਹੁਰਿਆਂ ਨੇ ਅਖੌਤੀ ਤੌਰ ਤੇ ਗਲ ਘੁੱਟ ਕੇ ਮਾਰ ਦਿੱਤਾ। ਸ੍ਰੀ ਮਹਿਮਾ ਸਿੰਘ ਨੇ ਆਪਣੇ ਬਿਆਨ ਵਿਚ ਕਿਹਾ ਹੈ ਕਿ ਉਸਦੀਆਂ ਦੋ ਲੜਕੀਆਂ ਪਰਮਿੰਦਰ ਕੌਰ ਤੇ ਜਸਵਿੰਦਰ ਕੌਰ ਦਾ ਵਿਆਹ ਤਿੰਨ ਸਾਲ ਪਹਿਲਾਂ ਜ਼ਿਲਾ ਰੋਪੜ ਵਿਚ ਕਰਮਚਾਰ ਮੰਦਰ ਸਿੰਘ ਤੇ ਅਮਰੀਕ ਸਿੰਘ ਨਾਲ ਹੋਇਆ। ਅਮਰੀਕ ਸਿੰਘ ਦੀ ਦੂਜੀ ਜਾ ਕੇ ਮੌਤ ਹੋ ਗਈ ਸੀ ਅਤੇ ਜਸਵਿੰਦਰ ਕੌਰ ਪੇਕੇ ਚਲੀ ਗਈ। ਦੋਸ਼ ਲਾਇਆ ਕਿ ਪੈਸਿਆਂ ਦੇ ਲਾਲਚ ਵਿਚ ਸਹੁਰਿਆਂ ਨੇ ਉਸਦੀ ਦੂਜੀ ਲੜਕੀ ਨੂੰ ਗਲਾ ਘੁੱਟ ਕੇ ਮਾਰ ਦਿਤਾ। ਦੋਵੇਂ ਲੜਕੀਆਂ ਇਕ ਹੀ ਖਾਨਦਾਨ ਵਿਚ ਵਿਆਹੀਆਂ ਸਨ।
ਜਥੇਦਾਰ ਉਪਰ ਕਾਤਲਾਨਾ ਹਮਲਾ
ਜਲੰਧਰ:—ਥਾਣਾ ਬੰਗਾ ਦੇ ਪਿੰਡ ਝਿੰਗੜਾਂ ਵਿਚ ਜਥੇਦਾਰ ਤੀਰਥ ਸਿੰਘ ਨੂੰ ਗੋਲੀਆਂ ਨਾਲ ਫੱਟੜ ਕਰ ਦਿਤਾ। ਉਸ ਨੂੰ ਲੁਧਿਆਣਾ ਦੇ ਡੀ ਐਮ ਸੀ ਹਸਪਤਾਲ ਵਿਚ ਦਾਖਲ ਕਰਵਾਇਆ ਗਿਆ ਹੈ। ਇਕ ਪੁਲੀਸ ਬੁਲਾਰੇ ਅਨੁਸਾਰ ਜਖਮੀ ਤੀਰਥ ਸਿੰਘ ਜਦੋਂ ਸਵੇਰੇ ਗੁਰਦੁਆਰੇ ਜਾ ਰਿਹਾ ਸੀ ਤਾਂ ਰਸਤੇ ਵਿਚ ਕੁਝ ਸ਼ੱਕੀ ਵਿਅਕਤੀਆਂ ਨੇ ਉਸ ਤੇ ਹਮਲਾ ਕਰ ਦਿਤਾ ਜਿਸ ਕਾਰਨ ਉਹ ਫੱਟੜ ਹੋ ਗਿਆ।
